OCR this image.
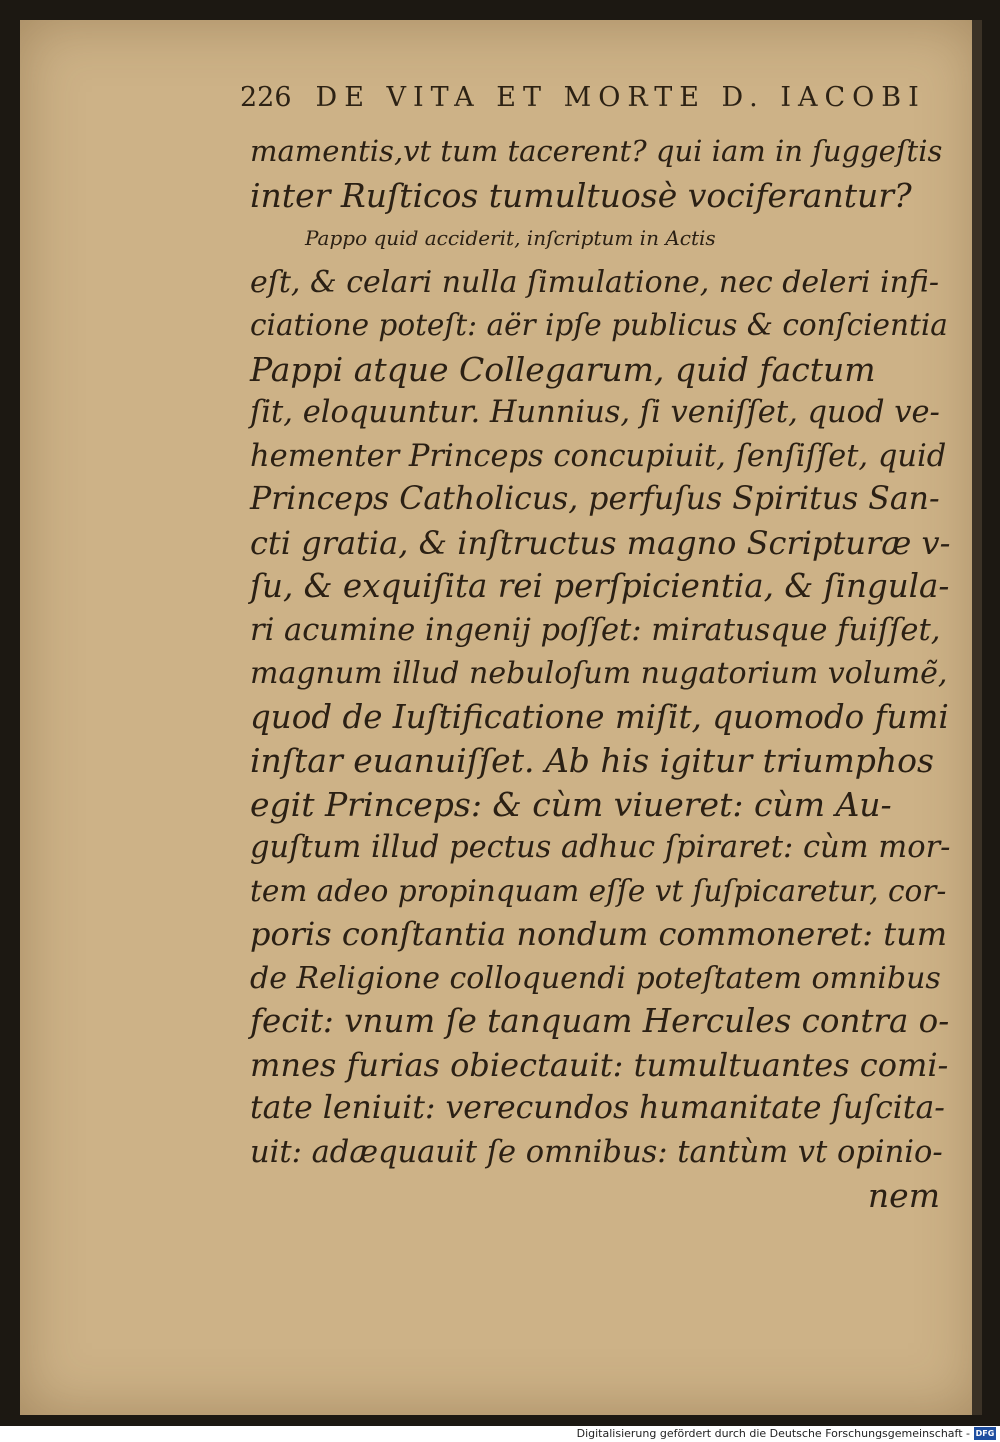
226 DE VITA ET MORTE D. IACOBI
mamentis,vt tum tacerent? qui iam in ſuggeſtis
inter Ruſticos tumultuosè vociferantur?
Pappo quid acciderit, inſcriptum in Actis
eſt, & celari nulla ſimulatione, nec deleri infi-
ciatione poteſt: aër ipſe publicus & conſcientia
Pappi atque Collegarum, quid factum
ſit, eloquuntur. Hunnius, ſi veniſſet, quod ve-
hementer Princeps concupiuit, ſenſiſſet, quid
Princeps Catholicus, perfuſus Spiritus San-
cti gratia, & inſtructus magno Scripturæ v-
ſu, & exquiſita rei perſpicientia, & ſingula-
ri acumine ingenij poſſet: miratusque fuiſſet,
magnum illud nebuloſum nugatorium volumẽ,
quod de Iuſtificatione miſit, quomodo fumi
inſtar euanuiſſet. Ab his igitur triumphos
egit Princeps: & cùm viueret: cùm Au-
guſtum illud pectus adhuc ſpiraret: cùm mor-
tem adeo propinquam eſſe vt ſuſpicaretur, cor-
poris conſtantia nondum commoneret: tum
de Religione colloquendi poteſtatem omnibus
fecit: vnum ſe tanquam Hercules contra o-
mnes furias obiectauit: tumultuantes comi-
tate leniuit: verecundos humanitate ſuſcita-
uit: adæquauit ſe omnibus: tantùm vt opinio-
nem
Digitalisierung gefördert durch die Deutsche Forschungsgemeinschaft - DFG
